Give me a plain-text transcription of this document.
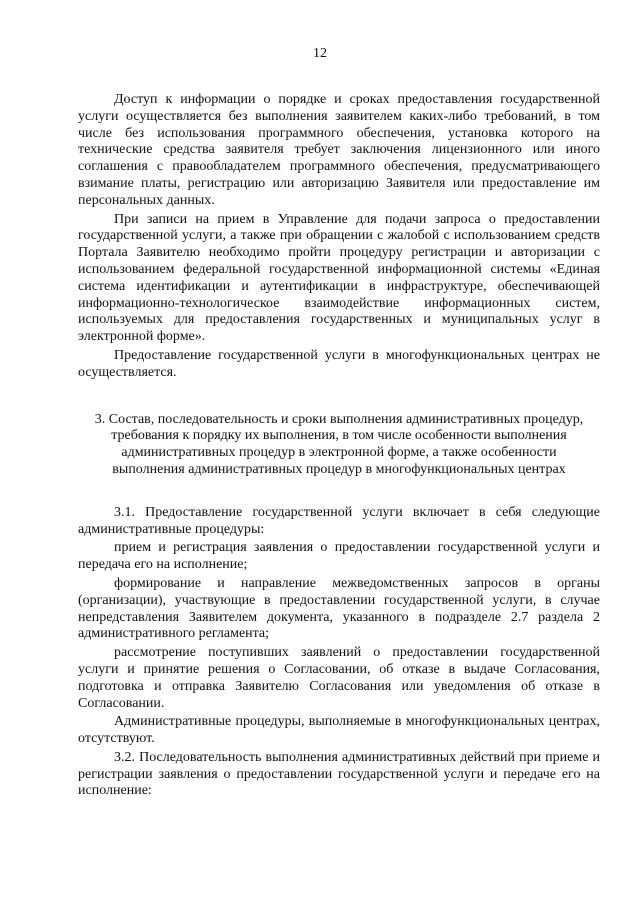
12

Доступ к информации о порядке и сроках предоставления государственной услуги осуществляется без выполнения заявителем каких-либо требований, в том числе без использования программного обеспечения, установка которого на технические средства заявителя требует заключения лицензионного или иного соглашения с правообладателем программного обеспечения, предусматривающего взимание платы, регистрацию или авторизацию Заявителя или предоставление им персональных данных.

При записи на прием в Управление для подачи запроса о предоставлении государственной услуги, а также при обращении с жалобой с использованием средств Портала Заявителю необходимо пройти процедуру регистрации и авторизации с использованием федеральной государственной информационной системы «Единая система идентификации и аутентификации в инфраструктуре, обеспечивающей информационно-технологическое взаимодействие информационных систем, используемых для предоставления государственных и муниципальных услуг в электронной форме».

Предоставление государственной услуги в многофункциональных центрах не осуществляется.

3. Состав, последовательность и сроки выполнения административных процедур, требования к порядку их выполнения, в том числе особенности выполнения административных процедур в электронной форме, а также особенности выполнения административных процедур в многофункциональных центрах

3.1. Предоставление государственной услуги включает в себя следующие административные процедуры:

прием и регистрация заявления о предоставлении государственной услуги и передача его на исполнение;

формирование и направление межведомственных запросов в органы (организации), участвующие в предоставлении государственной услуги, в случае непредставления Заявителем документа, указанного в подразделе 2.7 раздела 2 административного регламента;

рассмотрение поступивших заявлений о предоставлении государственной услуги и принятие решения о Согласовании, об отказе в выдаче Согласования, подготовка и отправка Заявителю Согласования или уведомления об отказе в Согласовании.

Административные процедуры, выполняемые в многофункциональных центрах, отсутствуют.

3.2. Последовательность выполнения административных действий при приеме и регистрации заявления о предоставлении государственной услуги и передаче его на исполнение:
